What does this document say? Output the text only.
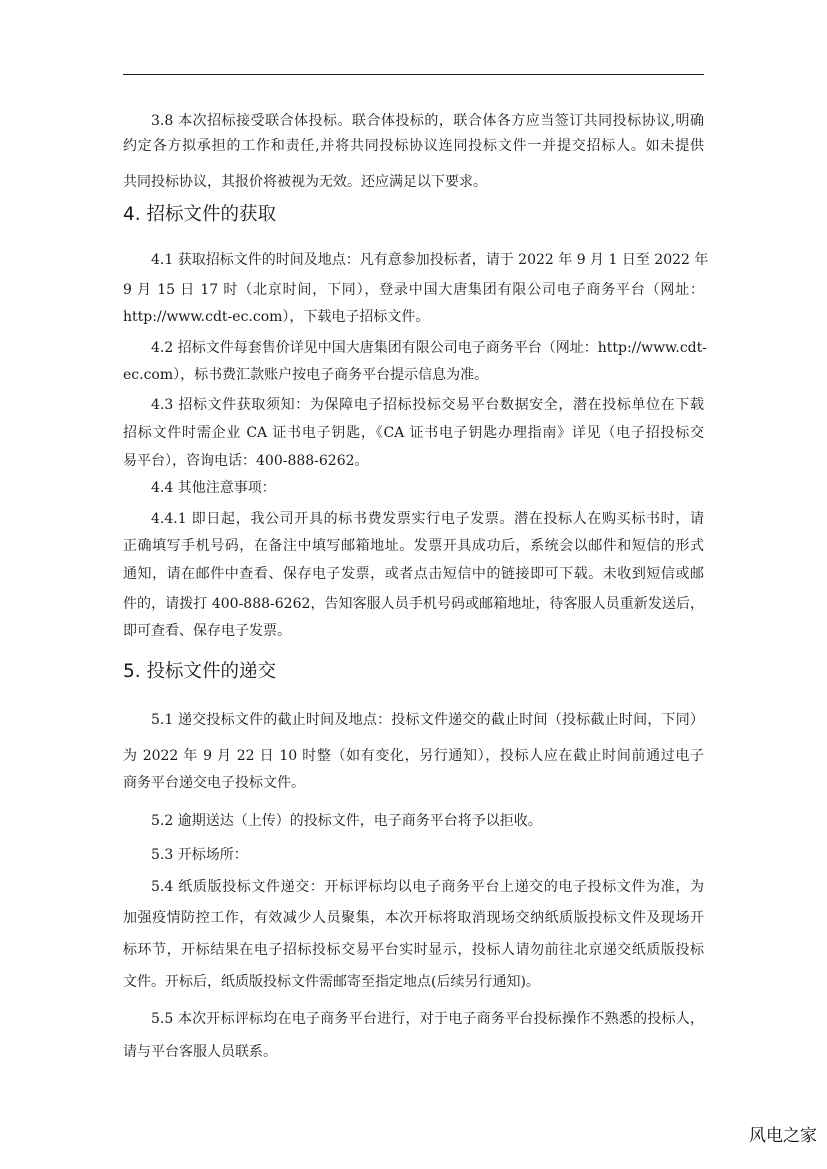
3.8 本次招标接受联合体投标。联合体投标的，联合体各方应当签订共同投标协议,明确
约定各方拟承担的工作和责任,并将共同投标协议连同投标文件一并提交招标人。如未提供
共同投标协议，其报价将被视为无效。还应满足以下要求。
4. 招标文件的获取
4.1 获取招标文件的时间及地点：凡有意参加投标者，请于 2022 年 9 月 1 日至 2022 年
9 月 15 日 17 时（北京时间，下同），登录中国大唐集团有限公司电子商务平台（网址：
http://www.cdt-ec.com），下载电子招标文件。
4.2 招标文件每套售价详见中国大唐集团有限公司电子商务平台（网址：http://www.cdt-
ec.com），标书费汇款账户按电子商务平台提示信息为准。
4.3 招标文件获取须知：为保障电子招标投标交易平台数据安全，潜在投标单位在下载
招标文件时需企业 CA 证书电子钥匙，《CA 证书电子钥匙办理指南》详见（电子招投标交
易平台），咨询电话：400-888-6262。
4.4 其他注意事项：
4.4.1 即日起，我公司开具的标书费发票实行电子发票。潜在投标人在购买标书时，请
正确填写手机号码，在备注中填写邮箱地址。发票开具成功后，系统会以邮件和短信的形式
通知，请在邮件中查看、保存电子发票，或者点击短信中的链接即可下载。未收到短信或邮
件的，请拨打 400-888-6262，告知客服人员手机号码或邮箱地址，待客服人员重新发送后，
即可查看、保存电子发票。
5. 投标文件的递交
5.1 递交投标文件的截止时间及地点：投标文件递交的截止时间（投标截止时间，下同）
为 2022 年 9 月 22 日 10 时整（如有变化，另行通知），投标人应在截止时间前通过电子
商务平台递交电子投标文件。
5.2 逾期送达（上传）的投标文件，电子商务平台将予以拒收。
5.3 开标场所：
5.4 纸质版投标文件递交：开标评标均以电子商务平台上递交的电子投标文件为准，为
加强疫情防控工作，有效减少人员聚集，本次开标将取消现场交纳纸质版投标文件及现场开
标环节，开标结果在电子招标投标交易平台实时显示，投标人请勿前往北京递交纸质版投标
文件。开标后，纸质版投标文件需邮寄至指定地点(后续另行通知)。
5.5 本次开标评标均在电子商务平台进行，对于电子商务平台投标操作不熟悉的投标人，
请与平台客服人员联系。
风电之家
